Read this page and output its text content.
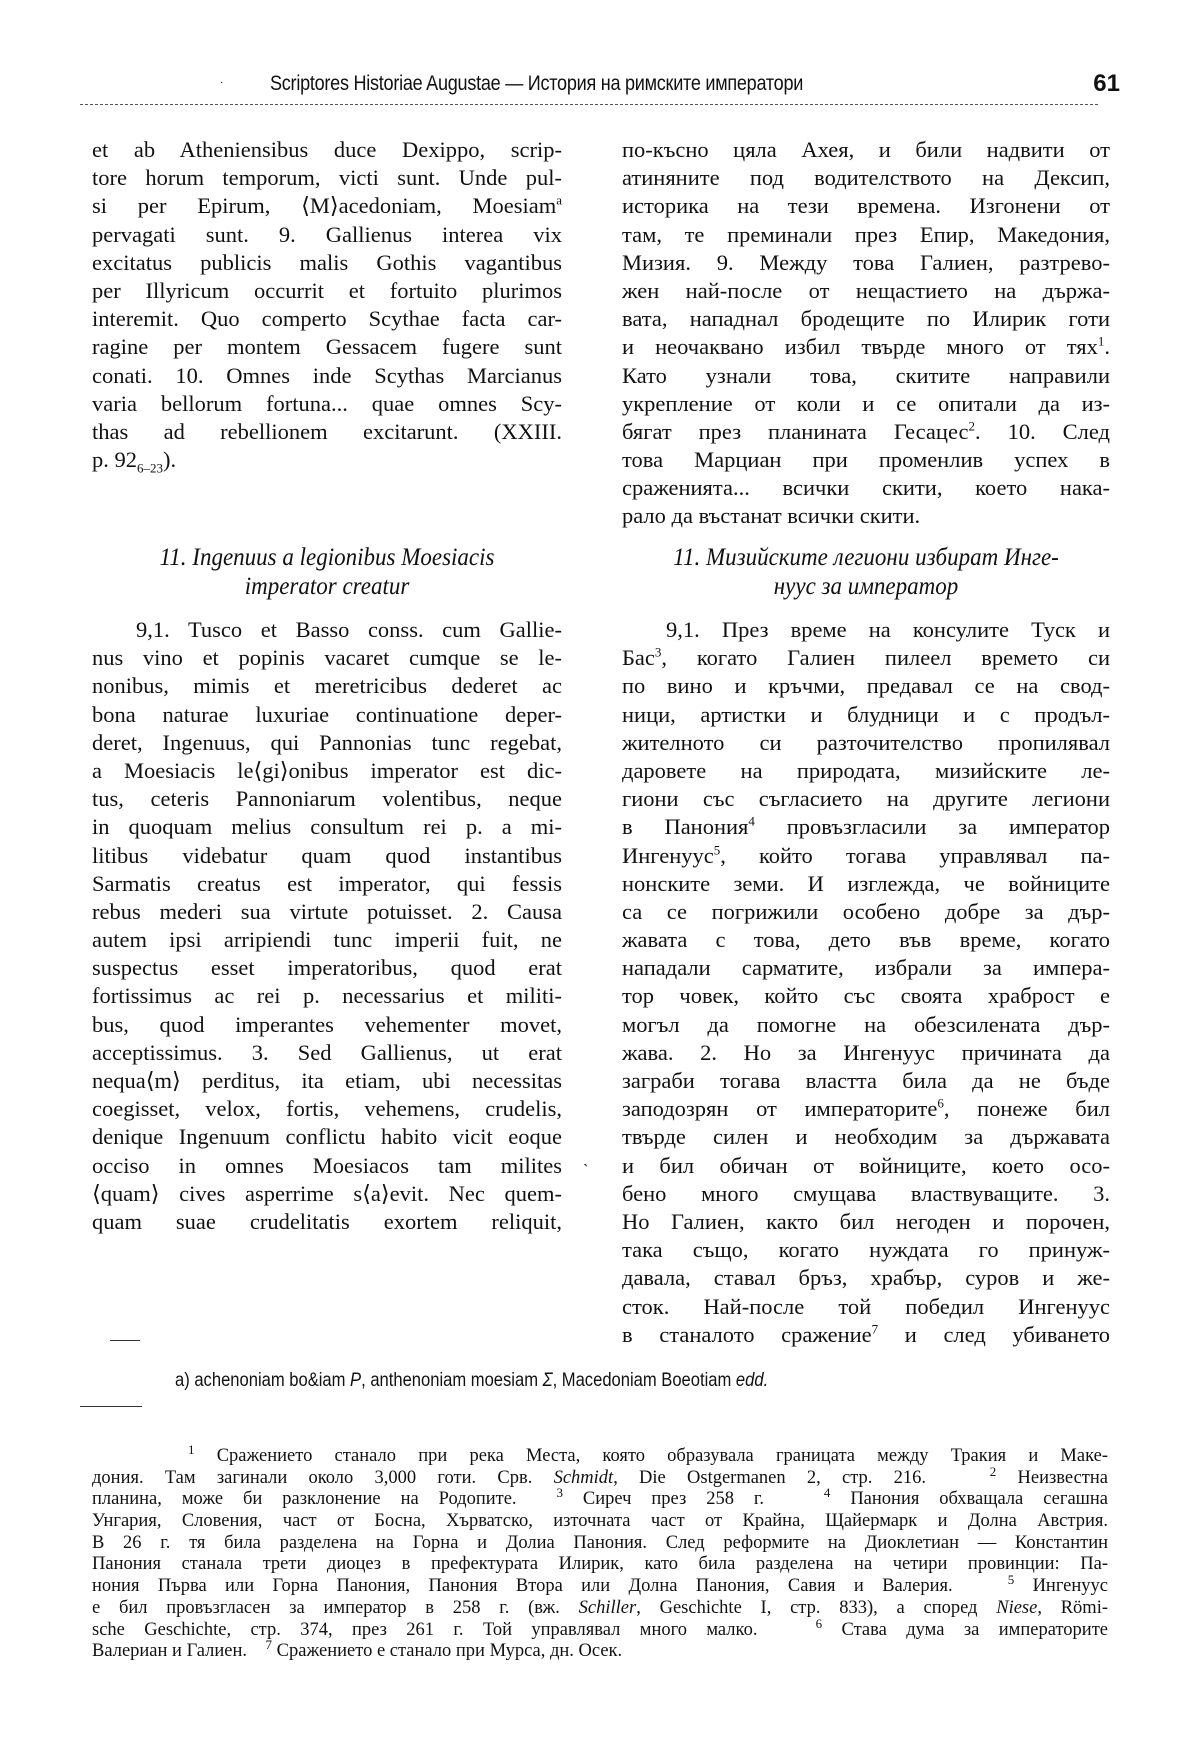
· Scriptores Historiae Augustae — История на римските императори	61
et ab Atheniensibus duce Dexippo, scrip-
tore horum temporum, victi sunt. Unde pul-
si per Epirum, ⟨M⟩acedoniam, Moesiam$^a$
pervagati sunt. 9. Gallienus interea vix
excitatus publicis malis Gothis vagantibus
per Illyricum occurrit et fortuito plurimos
interemit. Quo comperto Scythae facta car-
ragine per montem Gessacem fugere sunt
conati. 10. Omnes inde Scythas Marcianus
varia bellorum fortuna... quae omnes Scy-
thas ad rebellionem excitarunt. (XXIII.
p. $92_{6-23}$).
по-късно цяла Ахея, и били надвити от
атиняните под водителството на Дексип,
историка на тези времена. Изгонени от
там, те преминали през Епир, Македония,
Мизия. 9. Между това Галиен, разтрево-
жен най-после от нещастието на държа-
вата, нападнал бродещите по Илирик готи
и неочаквано избил твърде много от тях$^1$.
Като узнали това, скитите направили
укрепление от коли и се опитали да из-
бягат през планината Гесацес$^2$. 10. След
това Марциан при променлив успех в
сраженията... всички скити, което нака-
рало да въстанат всички скити.
11. Ingenuus a legionibus Moesiacis
imperator creatur
11. Мизийските легиони избират Инге-
нуус за император
9,1. Tusco et Basso conss. cum Gallie-
nus vino et popinis vacaret cumque se le-
nonibus, mimis et meretricibus dederet ac
bona naturae luxuriae continuatione deper-
deret, Ingenuus, qui Pannonias tunc regebat,
a Moesiacis le⟨gi⟩onibus imperator est dic-
tus, ceteris Pannoniarum volentibus, neque
in quoquam melius consultum rei p. a mi-
litibus videbatur quam quod instantibus
Sarmatis creatus est imperator, qui fessis
rebus mederi sua virtute potuisset. 2. Causa
autem ipsi arripiendi tunc imperii fuit, ne
suspectus esset imperatoribus, quod erat
fortissimus ac rei p. necessarius et militi-
bus, quod imperantes vehementer movet,
acceptissimus. 3. Sed Gallienus, ut erat
nequa⟨m⟩ perditus, ita etiam, ubi necessitas
coegisset, velox, fortis, vehemens, crudelis,
denique Ingenuum conflictu habito vicit eoque
occiso in omnes Moesiacos tam milites
⟨quam⟩ cives asperrime s⟨a⟩evit. Nec quem-
quam suae crudelitatis exortem reliquit,
9,1. През време на консулите Туск и
Бас$^3$, когато Галиен пилеел времето си
по вино и кръчми, предавал се на свод-
ници, артистки и блудници и с продъл-
жителното си разточителство пропилявал
даровете на природата, мизийските ле-
гиони със съгласието на другите легиони
в Панония$^4$ провъзгласили за император
Ингенуус$^5$, който тогава управлявал па-
нонските земи. И изглежда, че войниците
са се погрижили особено добре за дър-
жавата с това, дето във време, когато
нападали сарматите, избрали за импера-
тор човек, който със своята храброст е
могъл да помогне на обезсилената дър-
жава. 2. Но за Ингенуус причината да
заграби тогава властта била да не бъде
заподозрян от императорите$^6$, понеже бил
твърде силен и необходим за държавата
и бил обичан от войниците, което осо-
бено много смущава властвуващите. 3.
Но Галиен, както бил негоден и порочен,
така също, когато нуждата го принуж-
давала, ставал бръз, храбър, суров и же-
сток. Най-после той победил Ингенуус
в станалото сражение$^7$ и след убиването
ˎ
a) achenoniam bo&iam P, anthenoniam moesiam Σ, Macedoniam Boeotiam edd.
$^1$ Сражението станало при река Места, която образувала границата между Тракия и Маке-
дония. Там загинали около 3,000 готи. Срв. Schmidt, Die Ostgermanen 2, стр. 216.	$^2$ Неизвестна
планина, може би разклонение на Родопите.	$^3$ Сиреч през 258 г.	$^4$ Панония обхващала сегашна
Унгария, Словения, част от Босна, Хърватско, източната част от Крайна, Щайермарк и Долна Австрия.
В 26 г. тя била разделена на Горна и Долиа Панония. След реформите на Диоклетиан — Константин
Панония станала трети диоцез в префектурата Илирик, като била разделена на четири провинции: Па-
нония Първа или Горна Панония, Панония Втора или Долна Панония, Савия и Валерия.	$^5$ Ингенуус
е бил провъзгласен за император в 258 г. (вж. Schiller, Geschichte I, стр. 833), а според Niese, Römi-
sche Geschichte, стр. 374, през 261 г. Той управлявал много малко.	$^6$ Става дума за императорите
Валериан и Галиен. $^7$ Сражението е станало при Мурса, дн. Осек.
